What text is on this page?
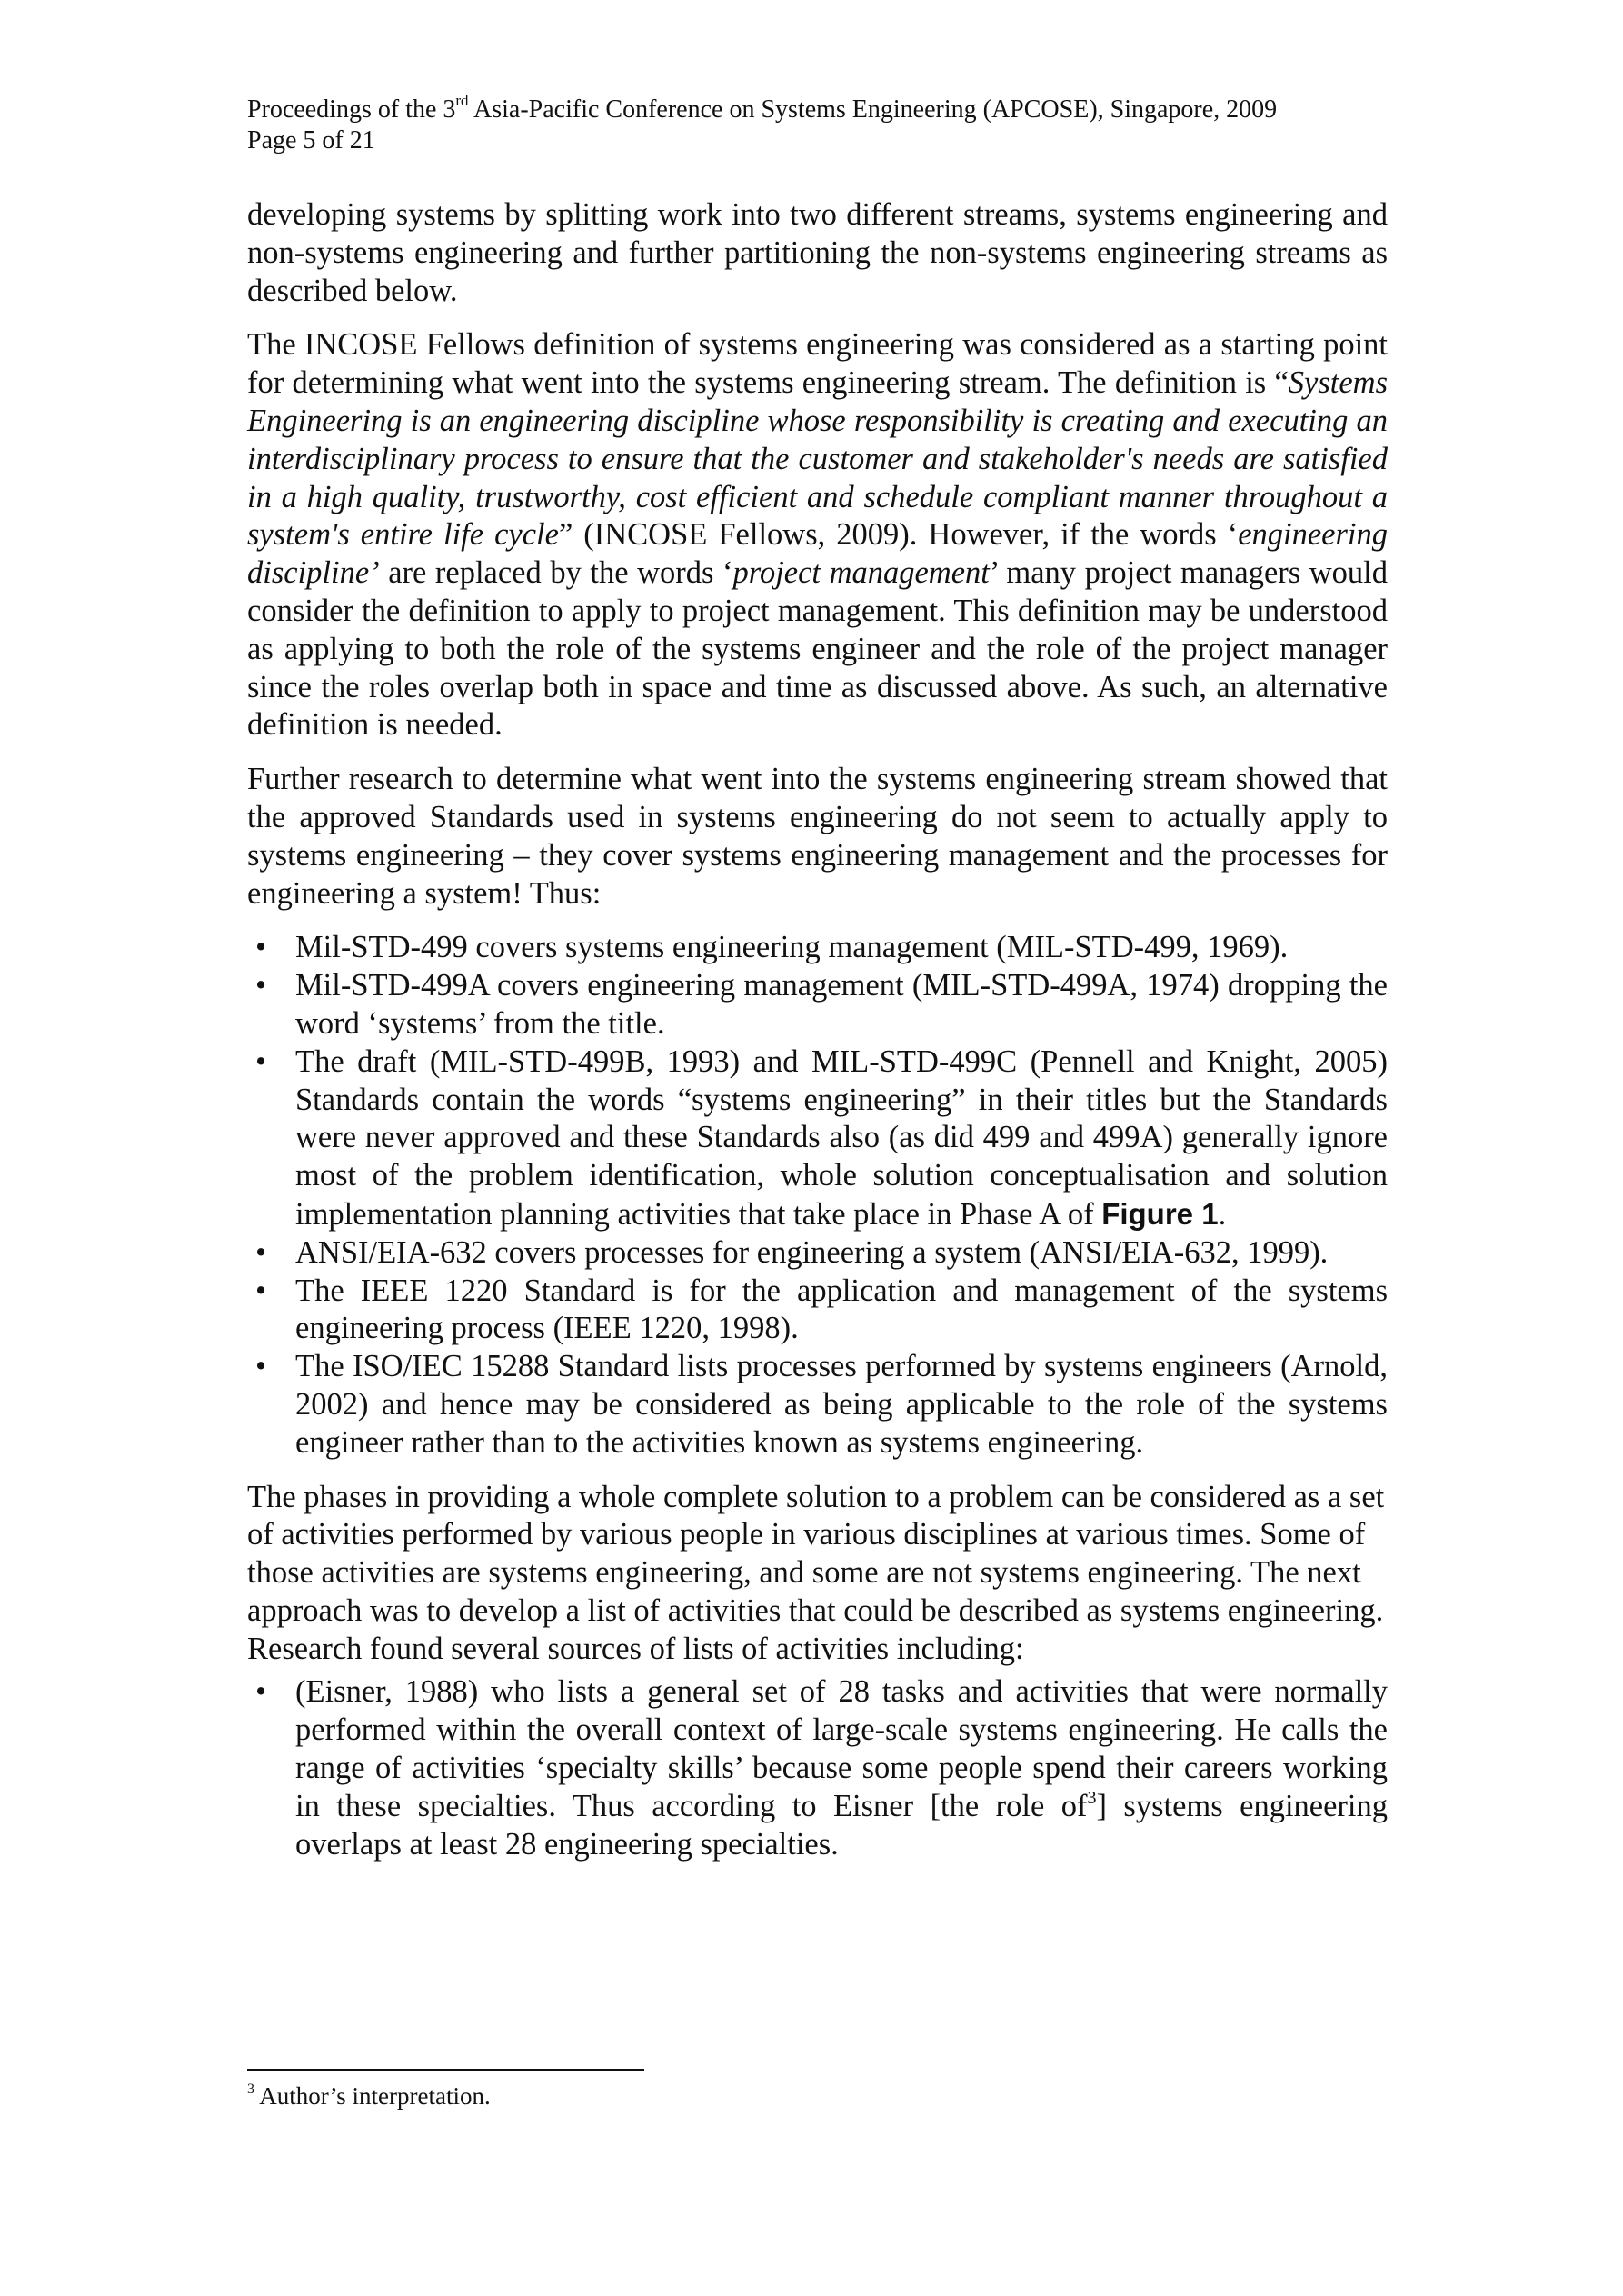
Proceedings of the 3rd Asia-Pacific Conference on Systems Engineering (APCOSE), Singapore, 2009
Page 5 of 21

developing systems by splitting work into two different streams, systems engineering and non-systems engineering and further partitioning the non-systems engineering streams as described below.

The INCOSE Fellows definition of systems engineering was considered as a starting point for determining what went into the systems engineering stream. The definition is “Systems Engineering is an engineering discipline whose responsibility is creating and executing an interdisciplinary process to ensure that the customer and stakeholder's needs are satisfied in a high quality, trustworthy, cost efficient and schedule compliant manner throughout a system's entire life cycle” (INCOSE Fellows, 2009). However, if the words ‘engineering discipline’ are replaced by the words ‘project management’ many project managers would consider the definition to apply to project management. This definition may be understood as applying to both the role of the systems engineer and the role of the project manager since the roles overlap both in space and time as discussed above. As such, an alternative definition is needed.

Further research to determine what went into the systems engineering stream showed that the approved Standards used in systems engineering do not seem to actually apply to systems engineering – they cover systems engineering management and the processes for engineering a system! Thus:

• Mil-STD-499 covers systems engineering management (MIL-STD-499, 1969).
• Mil-STD-499A covers engineering management (MIL-STD-499A, 1974) dropping the word ‘systems’ from the title.
• The draft (MIL-STD-499B, 1993) and MIL-STD-499C (Pennell and Knight, 2005) Standards contain the words “systems engineering” in their titles but the Standards were never approved and these Standards also (as did 499 and 499A) generally ignore most of the problem identification, whole solution conceptualisation and solution implementation planning activities that take place in Phase A of Figure 1.
• ANSI/EIA-632 covers processes for engineering a system (ANSI/EIA-632, 1999).
• The IEEE 1220 Standard is for the application and management of the systems engineering process (IEEE 1220, 1998).
• The ISO/IEC 15288 Standard lists processes performed by systems engineers (Arnold, 2002) and hence may be considered as being applicable to the role of the systems engineer rather than to the activities known as systems engineering.

The phases in providing a whole complete solution to a problem can be considered as a set of activities performed by various people in various disciplines at various times. Some of those activities are systems engineering, and some are not systems engineering. The next approach was to develop a list of activities that could be described as systems engineering. Research found several sources of lists of activities including:

• (Eisner, 1988) who lists a general set of 28 tasks and activities that were normally performed within the overall context of large-scale systems engineering. He calls the range of activities ‘specialty skills’ because some people spend their careers working in these specialties. Thus according to Eisner [the role of$^3$] systems engineering overlaps at least 28 engineering specialties.
$^3$ Author’s interpretation.
